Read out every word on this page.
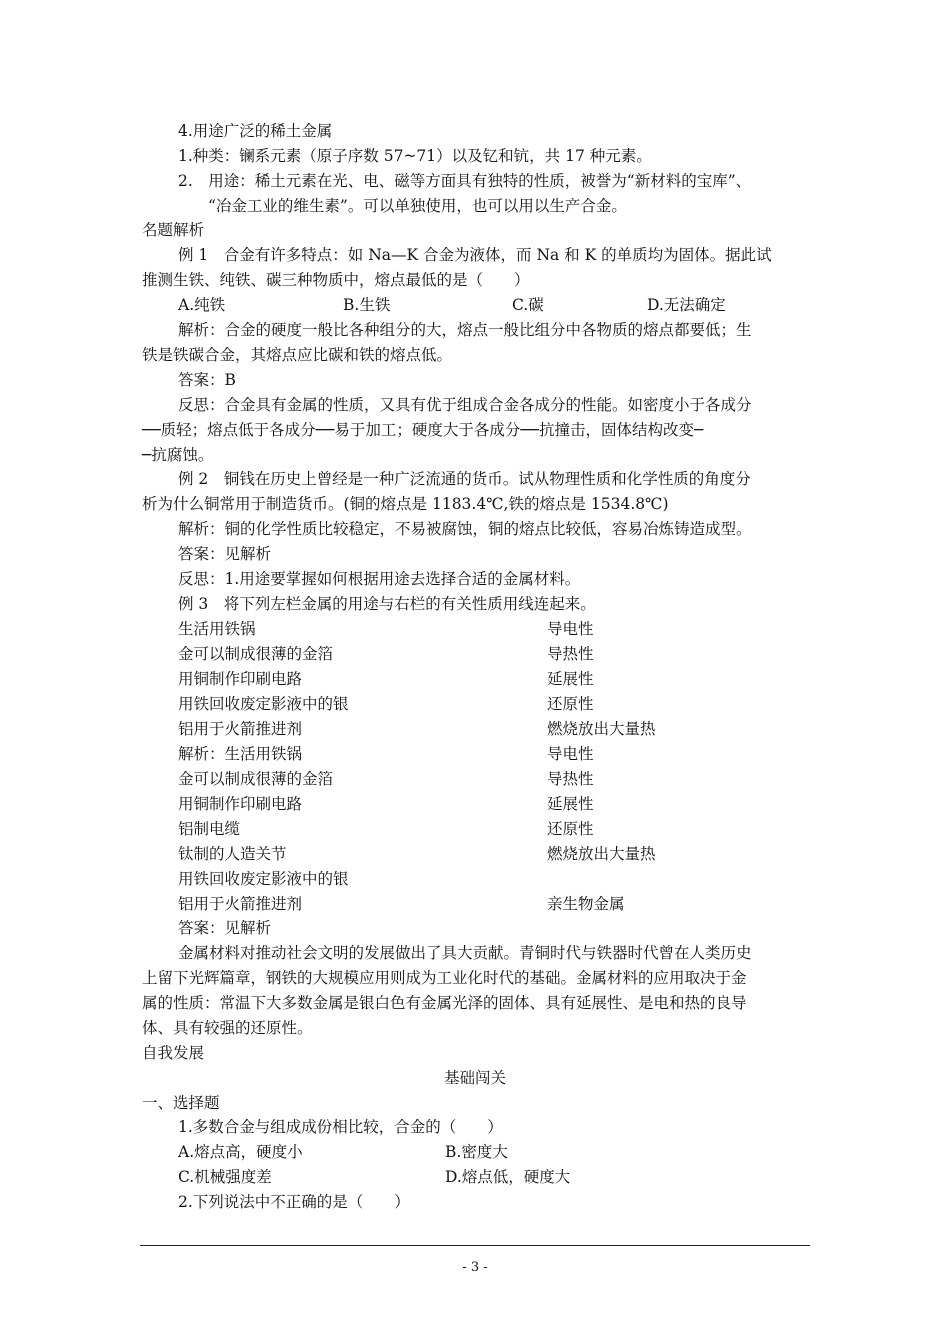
4.用途广泛的稀土金属
1.种类：镧系元素（原子序数 57~71）以及钇和钪，共 17 种元素。
2.　用途：稀土元素在光、电、磁等方面具有独特的性质，被誉为“新材料的宝库”、
“冶金工业的维生素”。可以单独使用，也可以用以生产合金。
名题解析
例 1　合金有许多特点：如 Na—K 合金为液体，而 Na 和 K 的单质均为固体。据此试
推测生铁、纯铁、碳三种物质中，熔点最低的是（　　）
A.纯铁	B.生铁	C.碳	D.无法确定
解析：合金的硬度一般比各种组分的大，熔点一般比组分中各物质的熔点都要低；生
铁是铁碳合金，其熔点应比碳和铁的熔点低。
答案：B
反思：合金具有金属的性质，又具有优于组成合金各成分的性能。如密度小于各成分
──质轻；熔点低于各成分──易于加工；硬度大于各成分──抗撞击，固体结构改变─
─抗腐蚀。
例 2　铜钱在历史上曾经是一种广泛流通的货币。试从物理性质和化学性质的角度分
析为什么铜常用于制造货币。(铜的熔点是 1183.4℃,铁的熔点是 1534.8℃)
解析：铜的化学性质比较稳定，不易被腐蚀，铜的熔点比较低，容易冶炼铸造成型。
答案：见解析
反思：1.用途要掌握如何根据用途去选择合适的金属材料。
例 3　将下列左栏金属的用途与右栏的有关性质用线连起来。
生活用铁锅	导电性
金可以制成很薄的金箔	导热性
用铜制作印刷电路	延展性
用铁回收废定影液中的银	还原性
铝用于火箭推进剂	燃烧放出大量热
解析：生活用铁锅	导电性
金可以制成很薄的金箔	导热性
用铜制作印刷电路	延展性
铝制电缆	还原性
钛制的人造关节	燃烧放出大量热
用铁回收废定影液中的银
铝用于火箭推进剂	亲生物金属
答案：见解析
金属材料对推动社会文明的发展做出了具大贡献。青铜时代与铁器时代曾在人类历史
上留下光辉篇章，钢铁的大规模应用则成为工业化时代的基础。金属材料的应用取决于金
属的性质：常温下大多数金属是银白色有金属光泽的固体、具有延展性、是电和热的良导
体、具有较强的还原性。
自我发展
基础闯关
一、选择题
1.多数合金与组成成份相比较，合金的（　　）
A.熔点高，硬度小	B.密度大
C.机械强度差	D.熔点低，硬度大
2.下列说法中不正确的是（　　）
- 3 -
